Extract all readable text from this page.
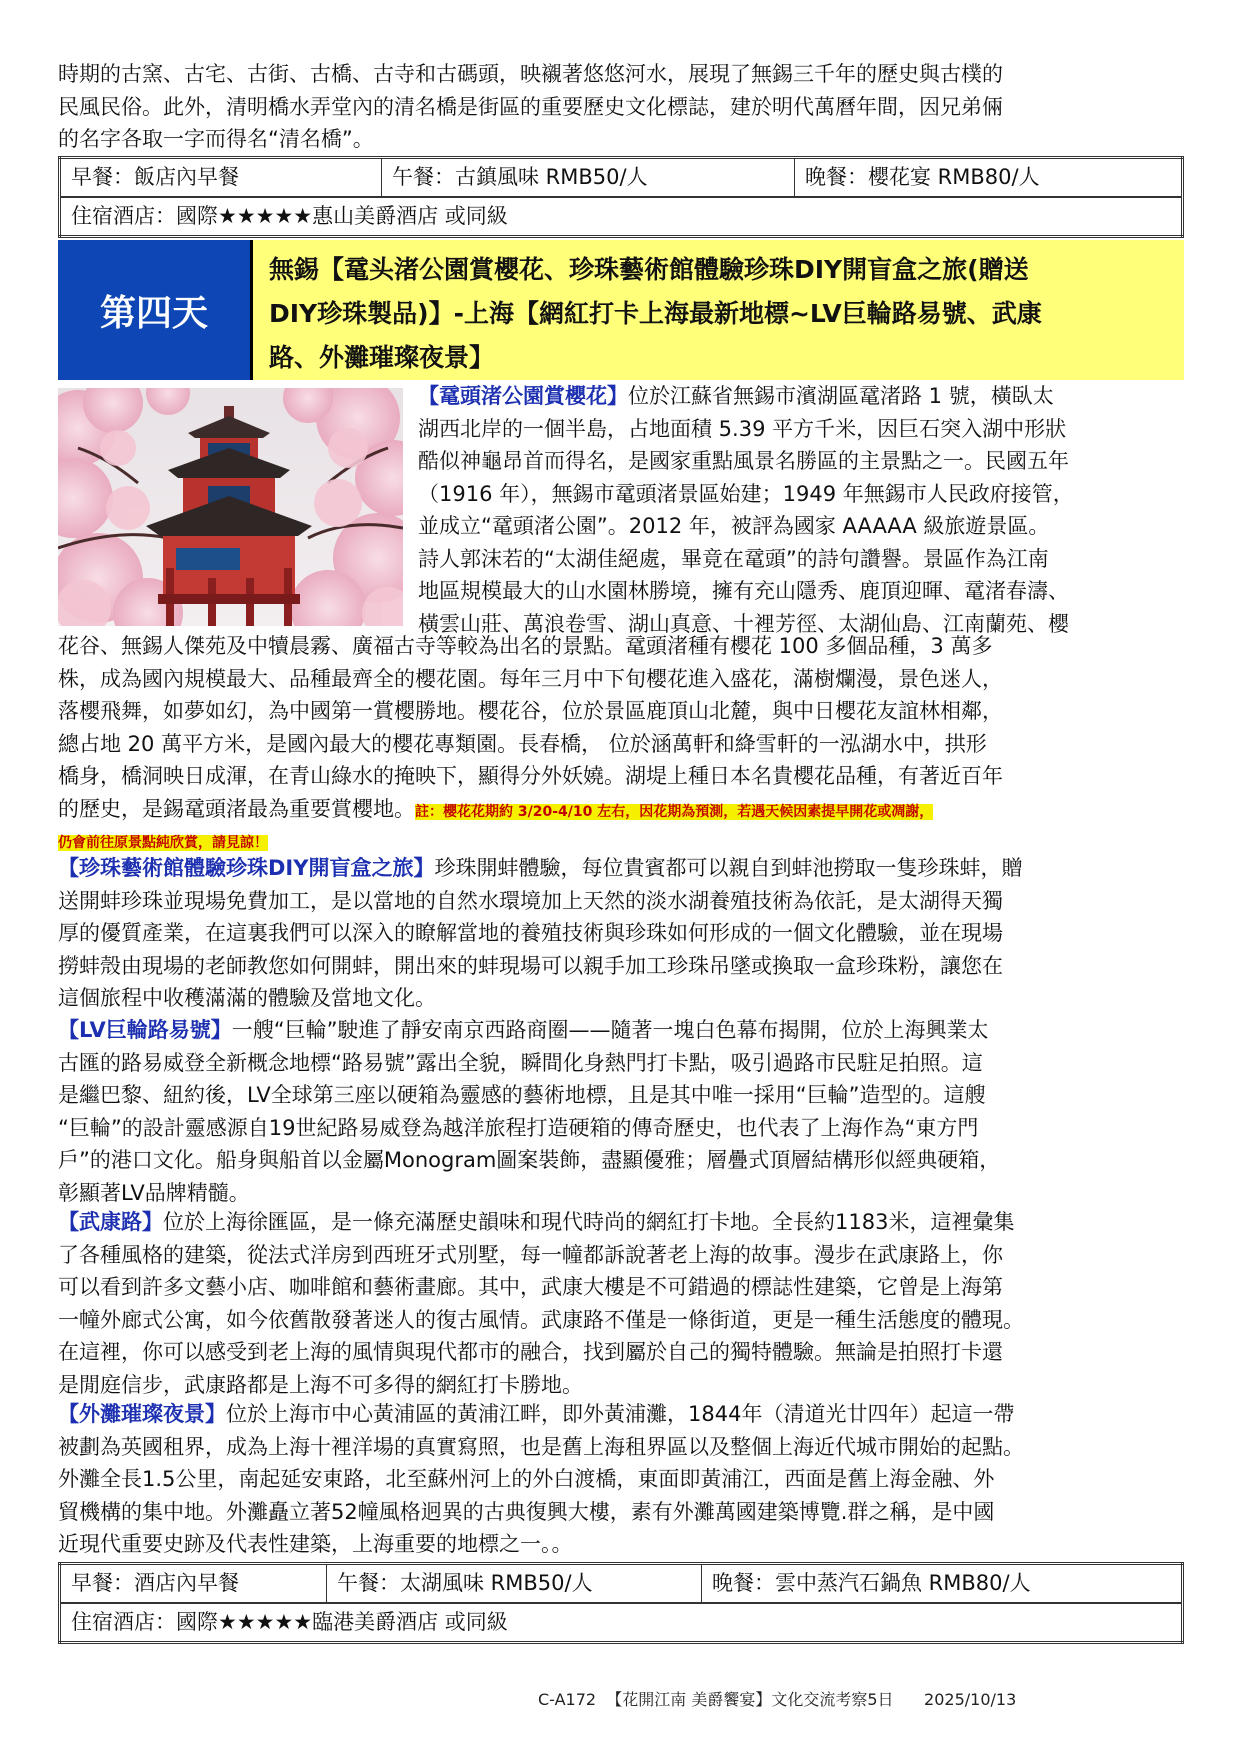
時期的古窯、古宅、古街、古橋、古寺和古碼頭，映襯著悠悠河水，展現了無錫三千年的歷史與古樸的
民風民俗。此外，清明橋水弄堂內的清名橋是街區的重要歷史文化標誌，建於明代萬曆年間，因兄弟倆
的名字各取一字而得名“清名橋”。
早餐：飯店內早餐	午餐：古鎮風味 RMB50/人	晚餐：櫻花宴 RMB80/人
住宿酒店：國際★★★★★惠山美爵酒店 或同級
第四天
無錫【鼋头渚公園賞櫻花、珍珠藝術館體驗珍珠DIY開盲盒之旅(贈送
DIY珍珠製品)】-上海【網紅打卡上海最新地標~LV巨輪路易號、武康
路、外灘璀璨夜景】
【鼋頭渚公園賞櫻花】位於江蘇省無錫市濱湖區鼋渚路 1 號，橫臥太
湖西北岸的一個半島，占地面積 5.39 平方千米，因巨石突入湖中形狀
酷似神龜昂首而得名，是國家重點風景名勝區的主景點之一。民國五年
（1916 年），無錫市鼋頭渚景區始建；1949 年無錫市人民政府接管，
並成立“鼋頭渚公園”。2012 年，被評為國家 AAAAA 級旅遊景區。
詩人郭沫若的“太湖佳絕處，畢竟在鼋頭”的詩句讚譽。景區作為江南
地區規模最大的山水園林勝境，擁有充山隱秀、鹿頂迎暉、鼋渚春濤、
橫雲山莊、萬浪卷雪、湖山真意、十裡芳徑、太湖仙島、江南蘭苑、櫻
花谷、無錫人傑苑及中犢晨霧、廣福古寺等較為出名的景點。鼋頭渚種有櫻花 100 多個品種，3 萬多
株，成為國內規模最大、品種最齊全的櫻花園。每年三月中下旬櫻花進入盛花，滿樹爛漫，景色迷人，
落櫻飛舞，如夢如幻，為中國第一賞櫻勝地。櫻花谷，位於景區鹿頂山北麓，與中日櫻花友誼林相鄰，
總占地 20 萬平方米，是國內最大的櫻花專類園。長春橋， 位於涵萬軒和絳雪軒的一泓湖水中，拱形
橋身，橋洞映日成渾，在青山綠水的掩映下，顯得分外妖嬈。湖堤上種日本名貴櫻花品種，有著近百年
的歷史，是錫鼋頭渚最為重要賞櫻地。註：櫻花花期約 3/20-4/10 左右，因花期為預測，若遇天候因素提早開花或凋謝，
仍會前往原景點純欣賞，請見諒！
【珍珠藝術館體驗珍珠DIY開盲盒之旅】珍珠開蚌體驗，每位貴賓都可以親自到蚌池撈取一隻珍珠蚌，贈
送開蚌珍珠並現場免費加工，是以當地的自然水環境加上天然的淡水湖養殖技術為依託，是太湖得天獨
厚的優質產業，在這裏我們可以深入的瞭解當地的養殖技術與珍珠如何形成的一個文化體驗，並在現場
撈蚌殼由現場的老師教您如何開蚌，開出來的蚌現場可以親手加工珍珠吊墜或換取一盒珍珠粉，讓您在
這個旅程中收穫滿滿的體驗及當地文化。
【LV巨輪路易號】一艘“巨輪”駛進了靜安南京西路商圈——隨著一塊白色幕布揭開，位於上海興業太
古匯的路易威登全新概念地標“路易號”露出全貌，瞬間化身熱門打卡點，吸引過路市民駐足拍照。這
是繼巴黎、紐約後，LV全球第三座以硬箱為靈感的藝術地標，且是其中唯一採用“巨輪”造型的。這艘
“巨輪”的設計靈感源自19世紀路易威登為越洋旅程打造硬箱的傳奇歷史，也代表了上海作為“東方門
戶”的港口文化。船身與船首以金屬Monogram圖案裝飾，盡顯優雅；層疊式頂層結構形似經典硬箱，
彰顯著LV品牌精髓。
【武康路】位於上海徐匯區，是一條充滿歷史韻味和現代時尚的網紅打卡地。全長約1183米，這裡彙集
了各種風格的建築，從法式洋房到西班牙式別墅，每一幢都訴說著老上海的故事。漫步在武康路上，你
可以看到許多文藝小店、咖啡館和藝術畫廊。其中，武康大樓是不可錯過的標誌性建築，它曾是上海第
一幢外廊式公寓，如今依舊散發著迷人的復古風情。武康路不僅是一條街道，更是一種生活態度的體現。
在這裡，你可以感受到老上海的風情與現代都市的融合，找到屬於自己的獨特體驗。無論是拍照打卡還
是閒庭信步，武康路都是上海不可多得的網紅打卡勝地。
【外灘璀璨夜景】位於上海市中心黃浦區的黃浦江畔，即外黃浦灘，1844年（清道光廿四年）起這一帶
被劃為英國租界，成為上海十裡洋場的真實寫照，也是舊上海租界區以及整個上海近代城市開始的起點。
外灘全長1.5公里，南起延安東路，北至蘇州河上的外白渡橋，東面即黃浦江，西面是舊上海金融、外
貿機構的集中地。外灘矗立著52幢風格迥異的古典復興大樓，素有外灘萬國建築博覽.群之稱，是中國
近現代重要史跡及代表性建築，上海重要的地標之一。。
早餐：酒店內早餐	午餐：太湖風味 RMB50/人	晚餐：雲中蒸汽石鍋魚 RMB80/人
住宿酒店：國際★★★★★臨港美爵酒店 或同級
C-A172 【花開江南 美爵饗宴】文化交流考察5日 2025/10/13
